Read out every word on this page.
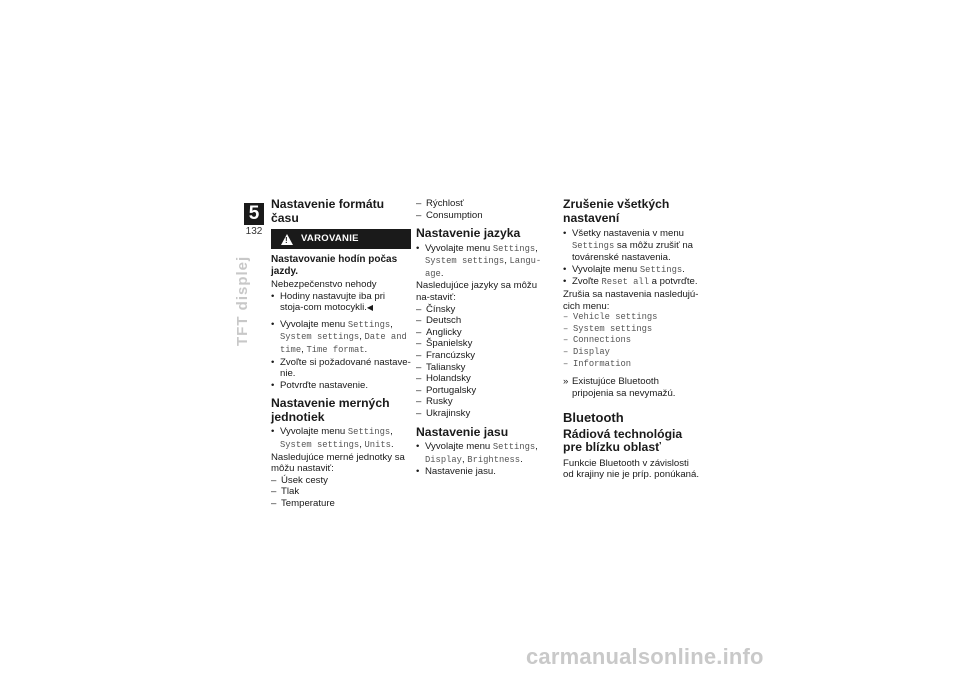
5
132
TFT displej
Nastavenie formátu času
!
VAROVANIE
Nastavovanie hodín počas jazdy.

Nebezpečenstvo nehody

• Hodiny nastavujte iba pri stoja-com motocykli.◀

• Vyvolajte menu Settings, System settings, Date and time, Time format.

• Zvoľte si požadované nastave-nie.

• Potvrďte nastavenie.

Nastavenie merných jednotiek

• Vyvolajte menu Settings, System settings, Units.

Nasledujúce merné jednotky sa môžu nastaviť:

– Úsek cesty

– Tlak

– Temperature

– Rýchlosť

– Consumption

Nastavenie jazyka

• Vyvolajte menu Settings, System settings, Langu-age.

Nasledujúce jazyky sa môžu na-staviť:

– Čínsky

– Deutsch

– Anglicky

– Španielsky

– Francúzsky

– Taliansky

– Holandsky

– Portugalsky

– Rusky

– Ukrajinsky

Nastavenie jasu

• Vyvolajte menu Settings, Display, Brightness.

• Nastavenie jasu.

Zrušenie všetkých nastavení

• Všetky nastavenia v menu
Settings sa môžu zrušiť na továrenské nastavenia.

• Vyvolajte menu Settings.

• Zvoľte Reset all a potvrďte.

Zrušia sa nastavenia nasledujú-cich menu:

– Vehicle settings

– System settings

– Connections

– Display

– Information

» Existujúce Bluetooth pripojenia sa nevymažú.

Bluetooth
Rádiová technológia pre blízku oblasť

Funkcie Bluetooth v závislosti od krajiny nie je príp. ponúkaná.

carmanualsonline.info
